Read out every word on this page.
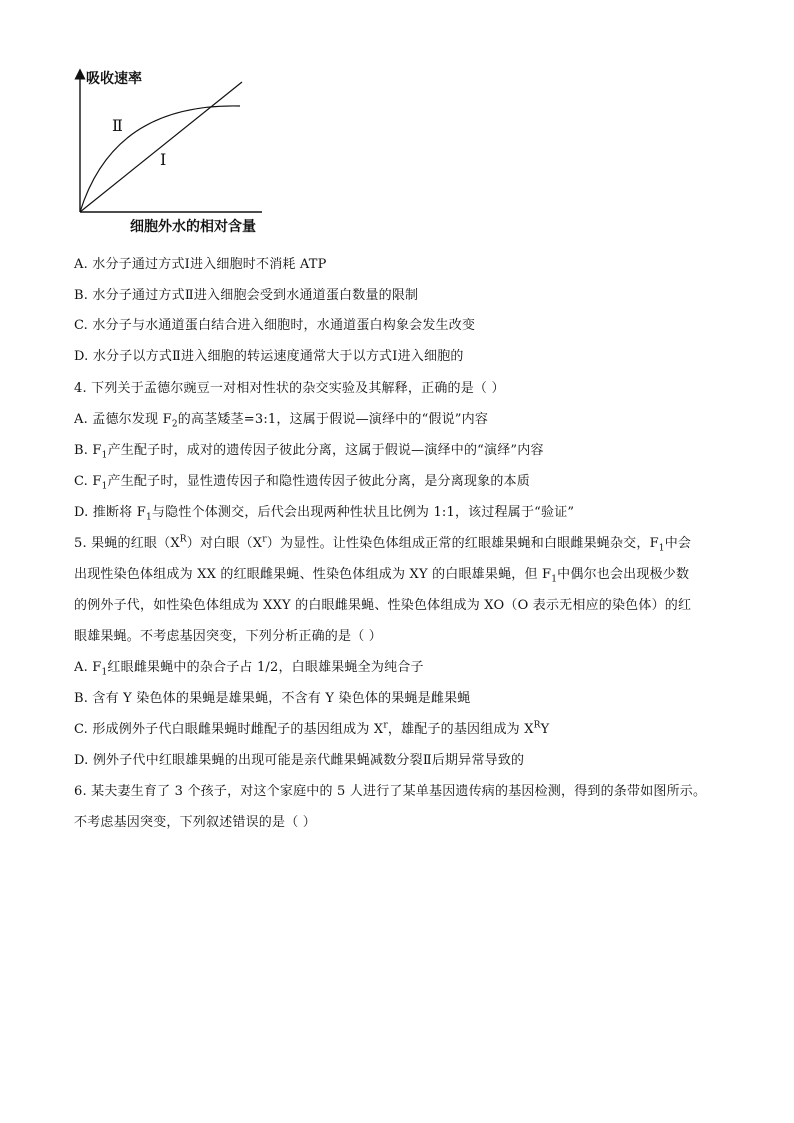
吸收速率
细胞外水的相对含量
Ⅱ
Ⅰ
A. 水分子通过方式Ⅰ进入细胞时不消耗 ATP
B. 水分子通过方式Ⅱ进入细胞会受到水通道蛋白数量的限制
C. 水分子与水通道蛋白结合进入细胞时，水通道蛋白构象会发生改变
D. 水分子以方式Ⅱ进入细胞的转运速度通常大于以方式Ⅰ进入细胞的
4. 下列关于孟德尔豌豆一对相对性状的杂交实验及其解释，正确的是（ ）
A. 孟德尔发现 $F_2$的高茎矮茎=3:1，这属于假说—演绎中的“假说”内容
B. $F_1$产生配子时，成对的遗传因子彼此分离，这属于假说—演绎中的“演绎”内容
C. $F_1$产生配子时，显性遗传因子和隐性遗传因子彼此分离，是分离现象的本质
D. 推断将 $F_1$与隐性个体测交，后代会出现两种性状且比例为 1:1，该过程属于“验证”
5. 果蝇的红眼$(X^R)$对白眼$(X^r)$为显性。让性染色体组成正常的红眼雄果蝇和白眼雌果蝇杂交，$F_1$中会
出现性染色体组成为 XX 的红眼雌果蝇、性染色体组成为 XY 的白眼雄果蝇，但 $F_1$中偶尔也会出现极少数
的例外子代，如性染色体组成为 XXY 的白眼雌果蝇、性染色体组成为 XO（O 表示无相应的染色体）的红
眼雄果蝇。不考虑基因突变，下列分析正确的是（ ）
A. $F_1$红眼雌果蝇中的杂合子占 1/2，白眼雄果蝇全为纯合子
B. 含有 Y 染色体的果蝇是雄果蝇，不含有 Y 染色体的果蝇是雌果蝇
C. 形成例外子代白眼雌果蝇时雌配子的基因组成为 $X^r$，雄配子的基因组成为 $X^RY$
D. 例外子代中红眼雄果蝇的出现可能是亲代雌果蝇减数分裂Ⅱ后期异常导致的
6. 某夫妻生育了 3 个孩子，对这个家庭中的 5 人进行了某单基因遗传病的基因检测，得到的条带如图所示。
不考虑基因突变，下列叙述错误的是（ ）
